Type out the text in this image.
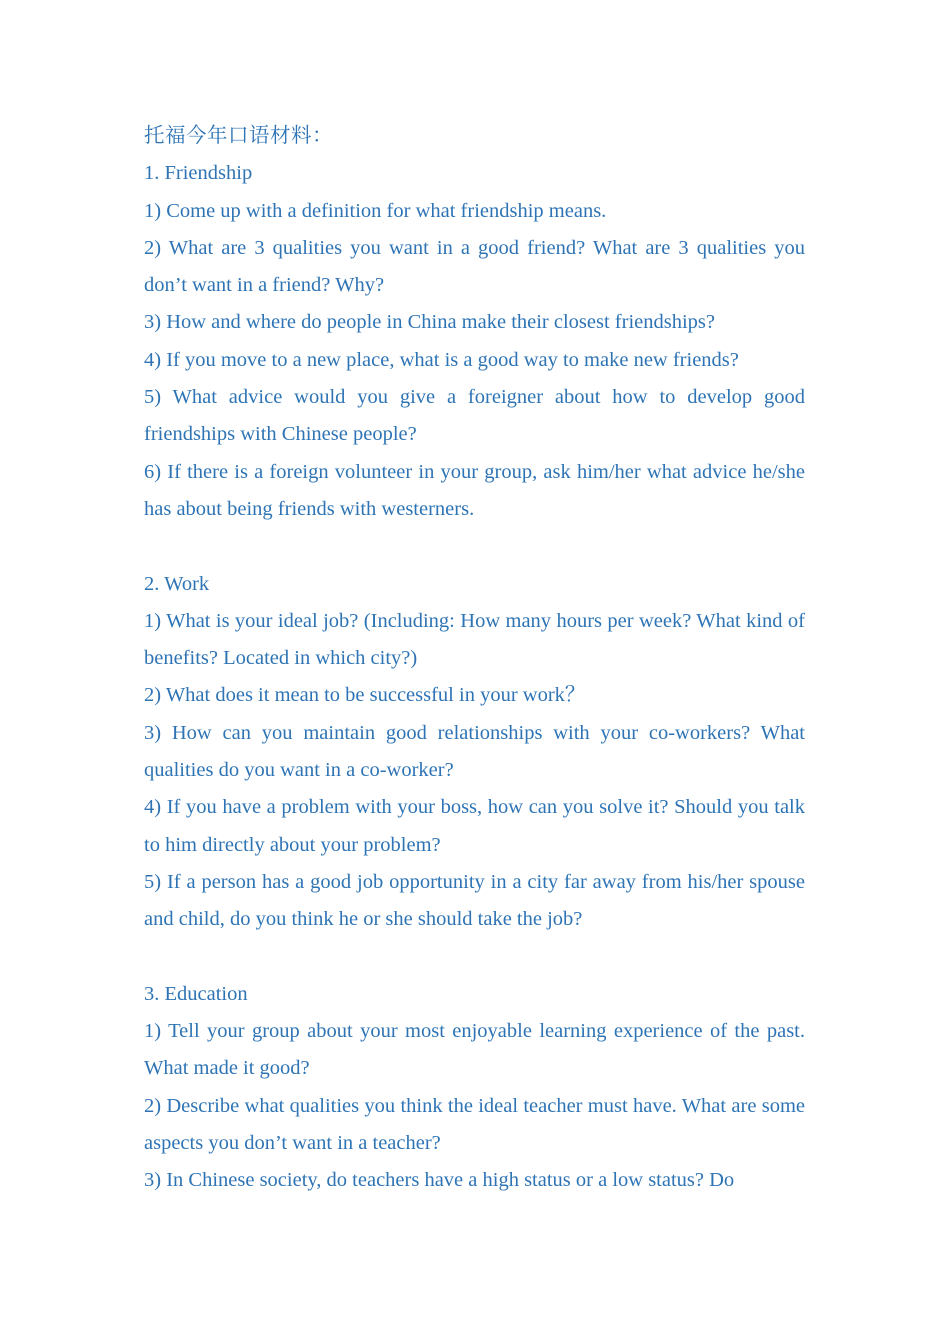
托福今年口语材料：

1. Friendship

1) Come up with a definition for what friendship means.

2) What are 3 qualities you want in a good friend? What are 3 qualities you don’t want in a friend? Why?

3) How and where do people in China make their closest friendships?

4) If you move to a new place, what is a good way to make new friends?

5) What advice would you give a foreigner about how to develop good friendships with Chinese people?

6) If there is a foreign volunteer in your group, ask him/her what advice he/she has about being friends with westerners.

2. Work

1) What is your ideal job? (Including: How many hours per week? What kind of benefits? Located in which city?)

2) What does it mean to be successful in your work？

3) How can you maintain good relationships with your co-workers? What qualities do you want in a co-worker?

4) If you have a problem with your boss, how can you solve it? Should you talk to him directly about your problem?

5) If a person has a good job opportunity in a city far away from his/her spouse and child, do you think he or she should take the job?

3. Education

1) Tell your group about your most enjoyable learning experience of the past. What made it good?

2) Describe what qualities you think the ideal teacher must have. What are some aspects you don’t want in a teacher?

3) In Chinese society, do teachers have a high status or a low status? Do
